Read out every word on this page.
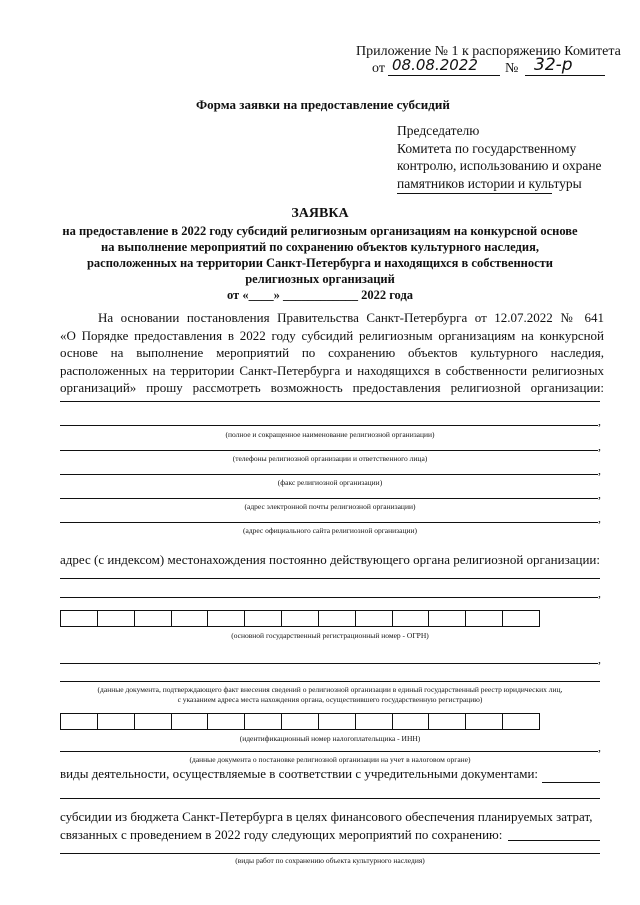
Приложение № 1 к распоряжению Комитета
от 08.08.2022 № 32-р
Форма заявки на предоставление субсидий
Председателю
Комитета по государственному
контролю, использованию и охране
памятников истории и культуры
ЗАЯВКА
на предоставление в 2022 году субсидий религиозным организациям на конкурсной основе
на выполнение мероприятий по сохранению объектов культурного наследия,
расположенных на территории Санкт-Петербурга и находящихся в собственности
религиозных организаций
от «____» ____________ 2022 года
На основании постановления Правительства Санкт-Петербурга от 12.07.2022 № 641
«О Порядке предоставления в 2022 году субсидий религиозным организациям на конкурсной
основе на выполнение мероприятий по сохранению объектов культурного наследия,
расположенных на территории Санкт-Петербурга и находящихся в собственности религиозных
организаций» прошу рассмотреть возможность предоставления религиозной организации:
,
(полное и сокращенное наименование религиозной организации)
,
(телефоны религиозной организации и ответственного лица)
,
(факс религиозной организации)
,
(адрес электронной почты религиозной организации)
,
(адрес официального сайта религиозной организации)
адрес (с индексом) местонахождения постоянно действующего органа религиозной организации:
,
(основной государственный регистрационный номер - ОГРН)
,
(данные документа, подтверждающего факт внесения сведений о религиозной организации в единый государственный реестр юридических лиц,
с указанием адреса места нахождения органа, осуществившего государственную регистрацию)
(идентификационный номер налогоплательщика - ИНН)
,
(данные документа о постановке религиозной организации на учет в налоговом органе)
виды деятельности, осуществляемые в соответствии с учредительными документами:
субсидии из бюджета Санкт-Петербурга в целях финансового обеспечения планируемых затрат,
связанных с проведением в 2022 году следующих мероприятий по сохранению:
(виды работ по сохранению объекта культурного наследия)
